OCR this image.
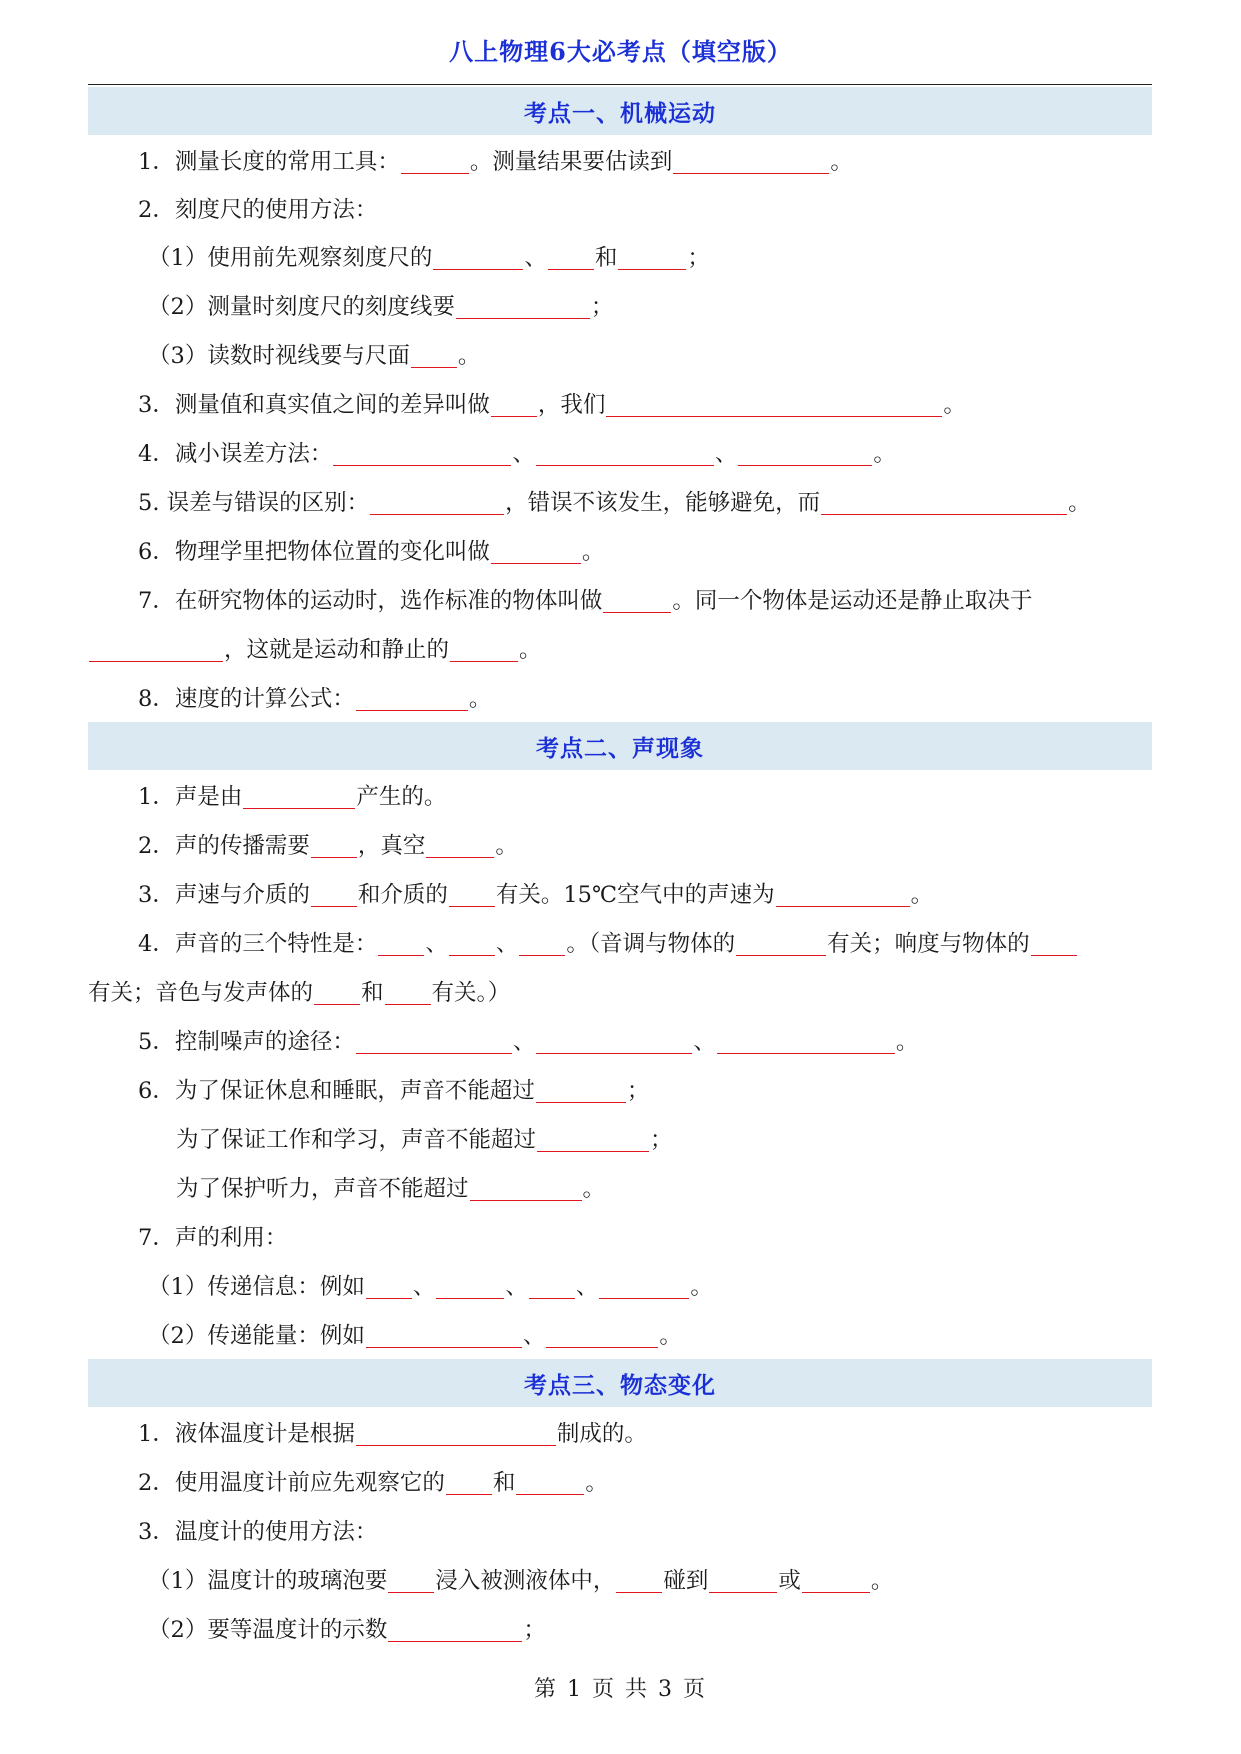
八上物理6大必考点（填空版）
考点一、机械运动
1．测量长度的常用工具：	。测量结果要估读到	。
2．刻度尺的使用方法：
（1）使用前先观察刻度尺的	、 和	；
（2）测量时刻度尺的刻度线要	；
（3）读数时视线要与尺面 。
3．测量值和真实值之间的差异叫做 ，我们	。
4．减小误差方法：	、	、	。
5. 误差与错误的区别：	，错误不该发生，能够避免，而	。
6．物理学里把物体位置的变化叫做	。
7．在研究物体的运动时，选作标准的物体叫做	。同一个物体是运动还是静止取决于
，这就是运动和静止的	。
8．速度的计算公式：	。
考点二、声现象
1．声是由	产生的。
2．声的传播需要 ，真空	。
3．声速与介质的 和介质的 有关。15℃空气中的声速为	。
4．声音的三个特性是： 、 、 。（音调与物体的	有关；响度与物体的
有关；音色与发声体的 和 有关。）
5．控制噪声的途径：	、	、	。
6．为了保证休息和睡眠，声音不能超过	；
为了保证工作和学习，声音不能超过	；
为了保护听力，声音不能超过	。
7．声的利用：
（1）传递信息：例如 、	、 、	。
（2）传递能量：例如	、	。
考点三、物态变化
1．液体温度计是根据	制成的。
2．使用温度计前应先观察它的 和	。
3．温度计的使用方法：
（1）温度计的玻璃泡要 浸入被测液体中， 碰到	或	。
（2）要等温度计的示数	；
第 1 页 共 3 页
